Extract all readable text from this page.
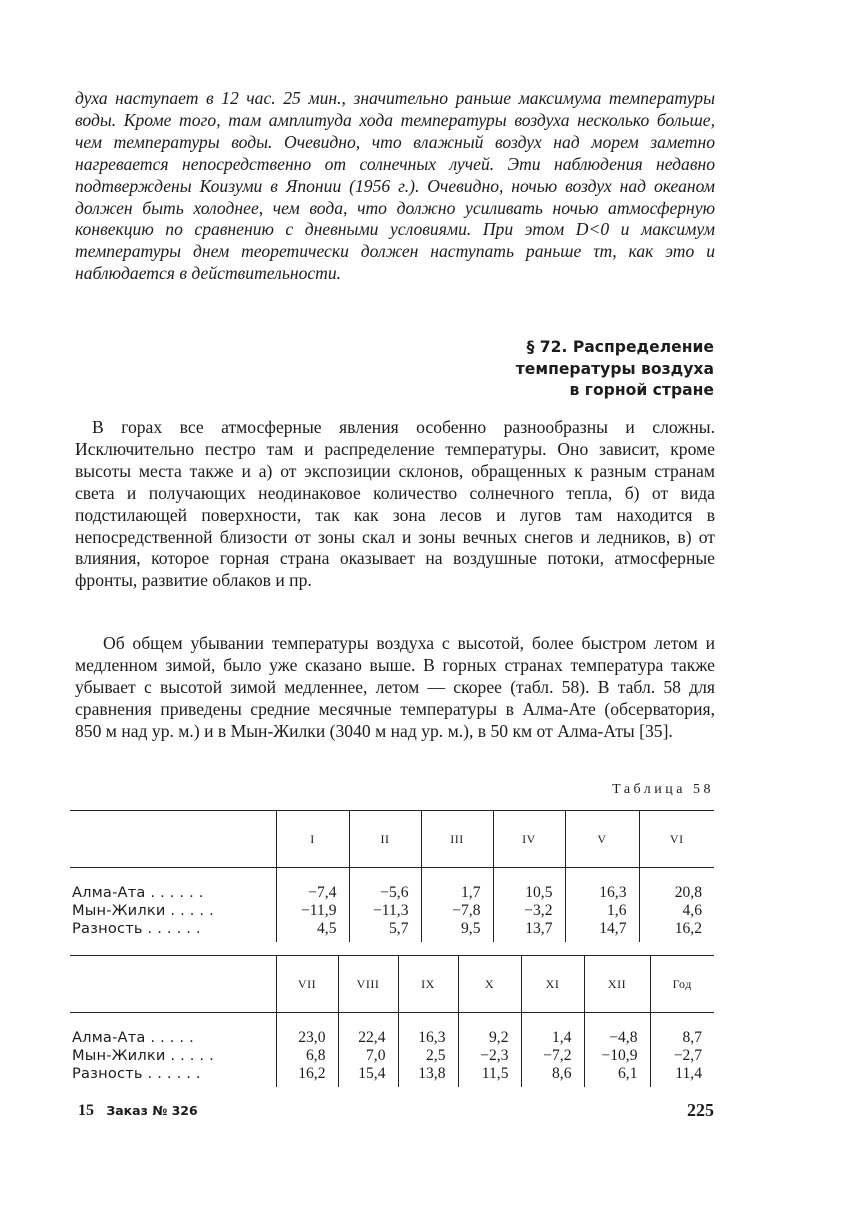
духа наступает в 12 час. 25 мин., значительно раньше максимума температуры воды. Кроме того, там амплитуда хода температуры воздуха несколько больше, чем температуры воды. Очевидно, что влажный воздух над морем заметно нагревается непосредственно от солнечных лучей. Эти наблюдения недавно подтверждены Коизуми в Японии (1956 г.). Очевидно, ночью воздух над океаном должен быть холоднее, чем вода, что должно усиливать ночью атмосферную конвекцию по сравнению с дневными условиями. При этом D<0 и максимум температуры днем теоретически должен наступать раньше τm, как это и наблюдается в действительности.

§ 72. Распределение
температуры воздуха
в горной стране

В горах все атмосферные явления особенно разнообразны и сложны. Исключительно пестро там и распределение температуры. Оно зависит, кроме высоты места также и а) от экспозиции склонов, обращенных к разным странам света и получающих неодинаковое количество солнечного тепла, б) от вида подстилающей поверхности, так как зона лесов и лугов там находится в непосредственной близости от зоны скал и зоны вечных снегов и ледников, в) от влияния, которое горная страна оказывает на воздушные потоки, атмосферные фронты, развитие облаков и пр.

Об общем убывании температуры воздуха с высотой, более быстром летом и медленном зимой, было уже сказано выше. В горных странах температура также убывает с высотой зимой медленнее, летом — скорее (табл. 58). В табл. 58 для сравнения приведены средние месячные температуры в Алма-Ате (обсерватория, 850 м над ур. м.) и в Мын-Жилки (3040 м над ур. м.), в 50 км от Алма-Аты [35].

Таблица 58
	I	II	III	IV	V	VI
Алма-Ата . . . . . .	−7,4	−5,6	1,7	10,5	16,3	20,8
Мын-Жилки . . . . .	−11,9	−11,3	−7,8	−3,2	1,6	4,6
Разность . . . . . .	4,5	5,7	9,5	13,7	14,7	16,2
	VII	VIII	IX	X	XI	XII	Год
Алма-Ата . . . . .	23,0	22,4	16,3	9,2	1,4	−4,8	8,7
Мын-Жилки . . . . .	6,8	7,0	2,5	−2,3	−7,2	−10,9	−2,7
Разность . . . . . .	16,2	15,4	13,8	11,5	8,6	6,1	11,4
15 Заказ № 326	225
